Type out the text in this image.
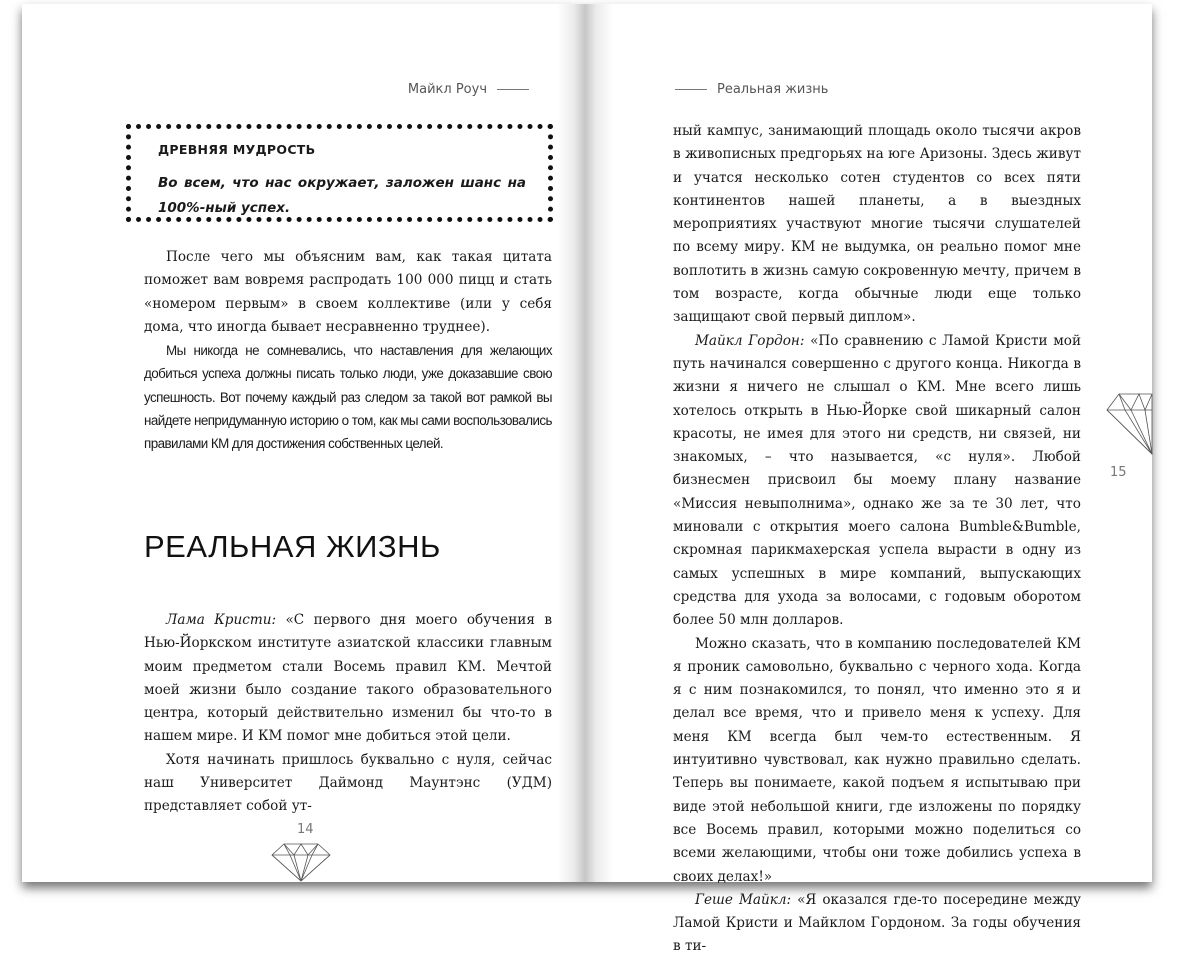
Майкл Роуч

ДРЕВНЯЯ МУДРОСТЬ

Во всем, что нас окружает, заложен шанс на 100%-ный успех.

После чего мы объясним вам, как такая цитата поможет вам вовремя распродать 100 000 пицц и стать «номером первым» в своем коллективе (или у себя дома, что иногда бывает несравненно труднее).

Мы никогда не сомневались, что наставления для желающих добиться успеха должны писать только люди, уже доказавшие свою успешность. Вот почему каждый раз следом за такой вот рамкой вы найдете непридуманную историю о том, как мы сами воспользовались правилами КМ для достижения собственных целей.

РЕАЛЬНАЯ ЖИЗНЬ

Лама Кристи: «С первого дня моего обучения в Нью-Йоркском институте азиатской классики главным моим предметом стали Восемь правил КМ. Мечтой моей жизни было создание такого образовательного центра, который действительно изменил бы что-то в нашем мире. И КМ помог мне добиться этой цели.

Хотя начинать пришлось буквально с нуля, сейчас наш Университет Даймонд Маунтэнс (УДМ) представляет собой ут-

14
Реальная жизнь

ный кампус, занимающий площадь около тысячи акров в живописных предгорьях на юге Аризоны. Здесь живут и учатся несколько сотен студентов со всех пяти континентов нашей планеты, а в выездных мероприятиях участвуют многие тысячи слушателей по всему миру. КМ не выдумка, он реально помог мне воплотить в жизнь самую сокровенную мечту, причем в том возрасте, когда обычные люди еще только защищают свой первый диплом».

Майкл Гордон: «По сравнению с Ламой Кристи мой путь начинался совершенно с другого конца. Никогда в жизни я ничего не слышал о КМ. Мне всего лишь хотелось открыть в Нью-Йорке свой шикарный салон красоты, не имея для этого ни средств, ни связей, ни знакомых, – что называется, «с нуля». Любой бизнесмен присвоил бы моему плану название «Миссия невыполнима», однако же за те 30 лет, что миновали с открытия моего салона Bumble&Bumble, скромная парикмахерская успела вырасти в одну из самых успешных в мире компаний, выпускающих средства для ухода за волосами, с годовым оборотом более 50 млн долларов.

Можно сказать, что в компанию последователей КМ я проник самовольно, буквально с черного хода. Когда я с ним познакомился, то понял, что именно это я и делал все время, что и привело меня к успеху. Для меня КМ всегда был чем-то естественным. Я интуитивно чувствовал, как нужно правильно сделать. Теперь вы понимаете, какой подъем я испытываю при виде этой небольшой книги, где изложены по порядку все Восемь правил, которыми можно поделиться со всеми желающими, чтобы они тоже добились успеха в своих делах!»

Геше Майкл: «Я оказался где-то посередине между Ламой Кристи и Майклом Гордоном. За годы обучения в ти-

15
